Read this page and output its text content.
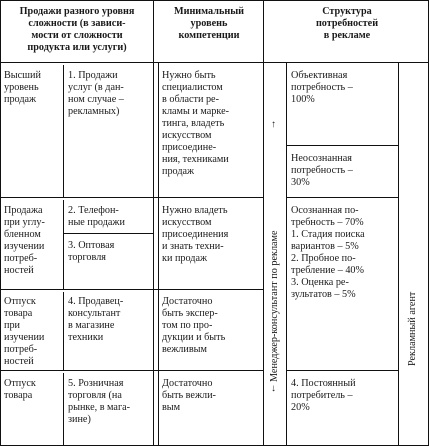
Продажи разного уровня
сложности (в зависи-
мости от сложности
продукта или услуги)
Минимальный
уровень
компетенции
Структура
потребностей
в рекламе
Высший
уровень
продаж
1. Продажи
услуг (в дан-
ном случае –
рекламных)
Нужно быть
специалистом
в области ре-
кламы и марке-
тинга, владеть
искусством
присоедине-
ния, техниками
продаж
Продажа
при углу-
бленном
изучении
потреб-
ностей
2. Телефон-
ные продажи
3. Оптовая
торговля
Нужно владеть
искусством
присоединения
и знать техни-
ки продаж
Отпуск
товара
при
изучении
потреб-
ностей
4. Продавец-
консультант
в магазине
техники
Достаточно
быть экспер-
том по про-
дукции и быть
вежливым
Отпуск
товара
5. Розничная
торговля (на
рынке, в мага-
зине)
Достаточно
быть вежли-
вым
Объективная
потребность –
100%
Неосознанная
потребность –
30%
Осознанная по-
требность – 70%
1. Стадия поиска
вариантов – 5%
2. Пробное по-
требление – 40%
3. Оценка ре-
зультатов – 5%
4. Постоянный
потребитель –
20%
↑
Менеджер-консультант по рекламе
↓
Рекламный агент
